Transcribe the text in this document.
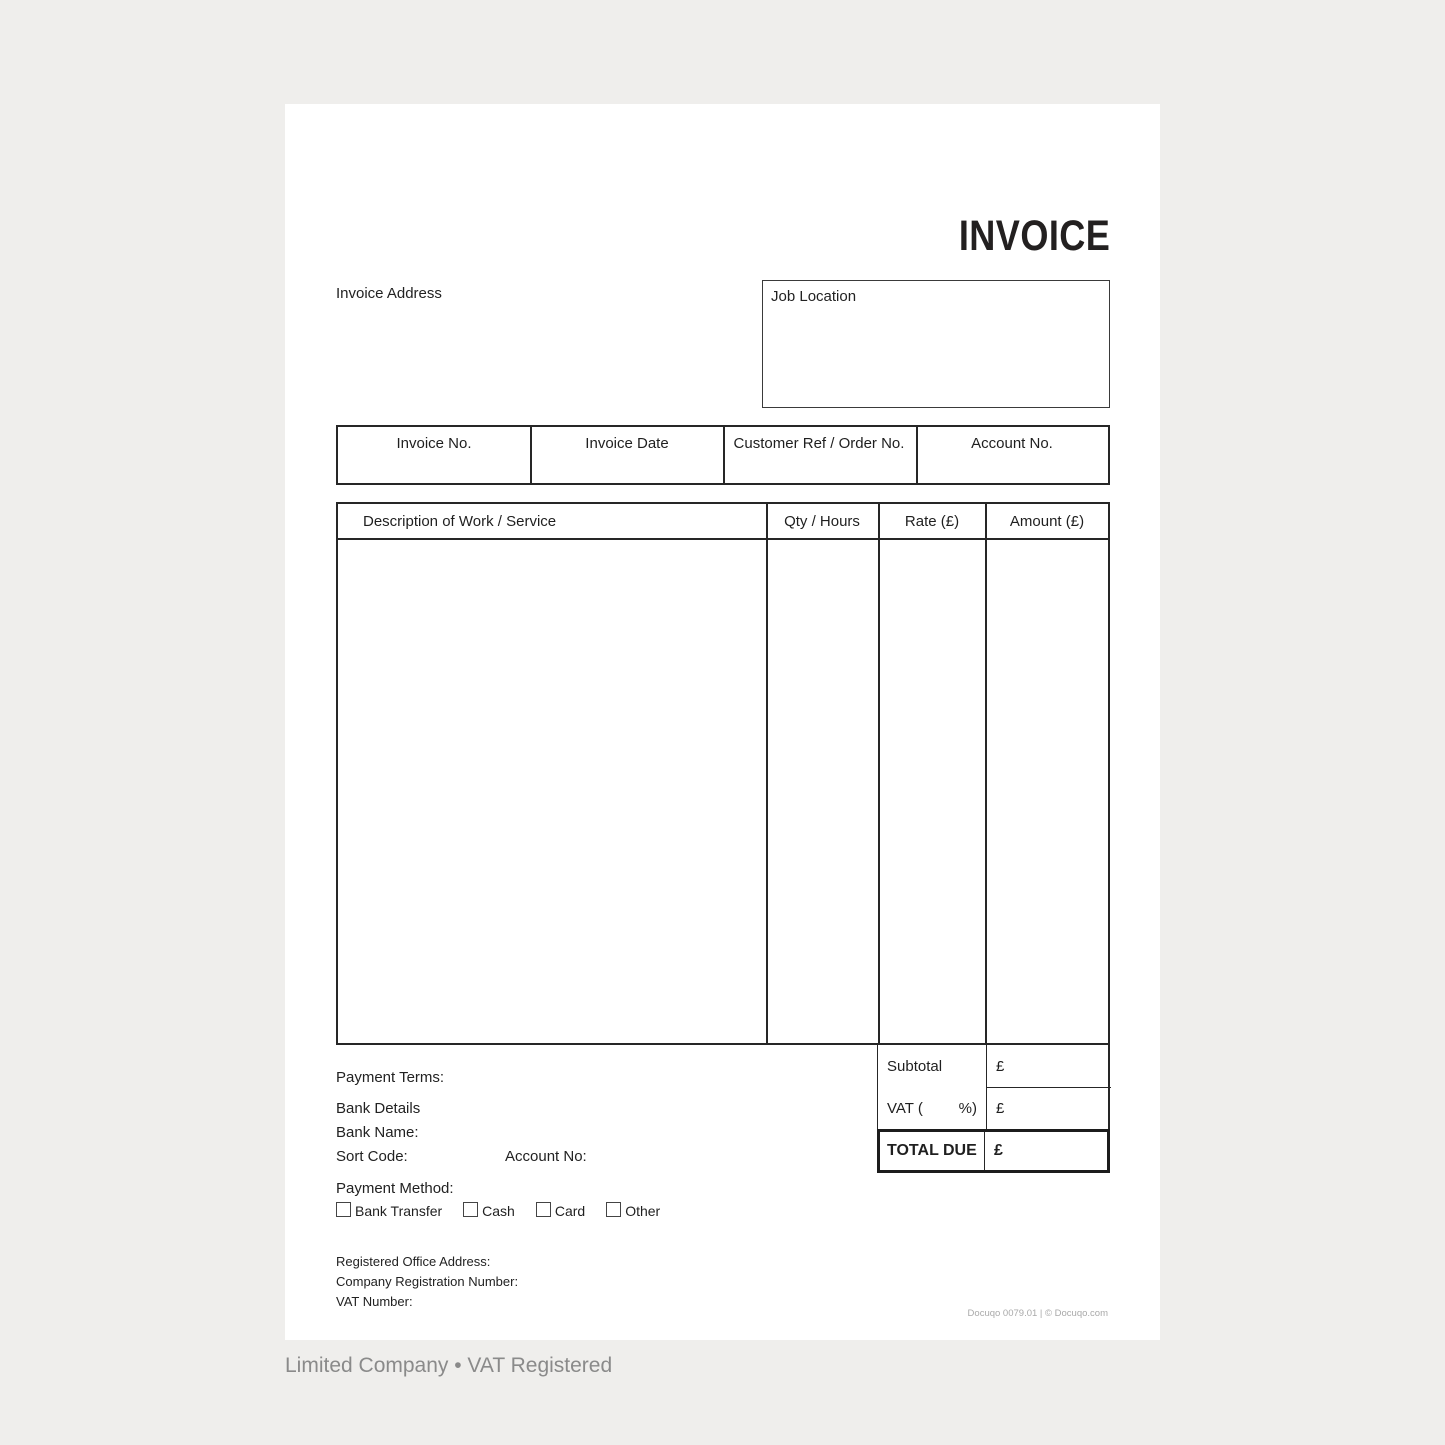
INVOICE
Invoice Address	Job Location
Invoice No.	Invoice Date	Customer Ref / Order No.	Account No.
Description of Work / Service	Qty / Hours	Rate (£)	Amount (£)
Subtotal	£
VAT ( %) £
TOTAL DUE	£
Payment Terms:
Bank Details
Bank Name:
Sort Code:	Account No:
Payment Method:
Bank Transfer	Cash	Card	Other
Registered Office Address:
Company Registration Number:
VAT Number:
Docuqo 0079.01 | © Docuqo.com
Limited Company • VAT Registered
